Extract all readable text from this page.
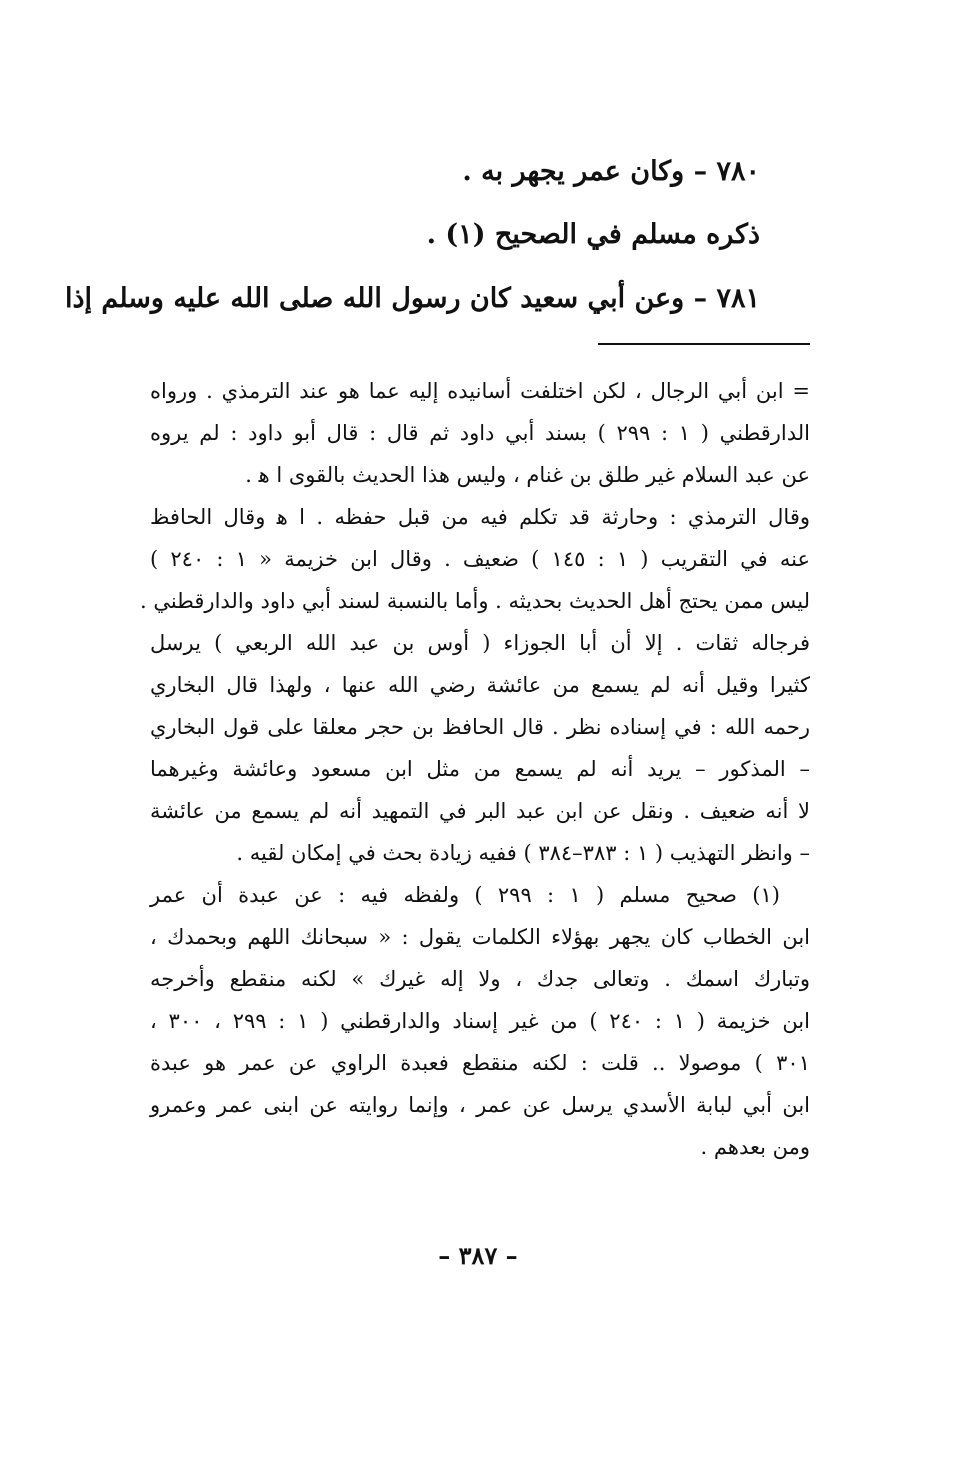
٧٨٠ – وكان عمر يجهر به .
ذكره مسلم في الصحيح (١) .
٧٨١ – وعن أبي سعيد كان رسول الله صلى الله عليه وسلم إذا
= ابن أبي الرجال ، لكن اختلفت أسانيده إليه عما هو عند الترمذي . ورواه
الدارقطني ( ١ : ٢٩٩ ) بسند أبي داود ثم قال : قال أبو داود : لم يروه
عن عبد السلام غير طلق بن غنام ، وليس هذا الحديث بالقوى ا ﻫ .
وقال الترمذي : وحارثة قد تكلم فيه من قبل حفظه . ا ﻫ وقال الحافظ
عنه في التقريب ( ١ : ١٤٥ ) ضعيف . وقال ابن خزيمة « ١ : ٢٤٠ )
ليس ممن يحتج أهل الحديث بحديثه . وأما بالنسبة لسند أبي داود والدارقطني .
فرجاله ثقات . إلا أن أبا الجوزاء ( أوس بن عبد الله الربعي ) يرسل
كثيرا وقيل أنه لم يسمع من عائشة رضي الله عنها ، ولهذا قال البخاري
رحمه الله : في إسناده نظر . قال الحافظ بن حجر معلقا على قول البخاري
– المذكور – يريد أنه لم يسمع من مثل ابن مسعود وعائشة وغيرهما
لا أنه ضعيف . ونقل عن ابن عبد البر في التمهيد أنه لم يسمع من عائشة
– وانظر التهذيب ( ١ : ٣٨٣–٣٨٤ ) ففيه زيادة بحث في إمكان لقيه .
(١) صحيح مسلم ( ١ : ٢٩٩ ) ولفظه فيه : عن عبدة أن عمر
ابن الخطاب كان يجهر بهؤلاء الكلمات يقول : « سبحانك اللهم وبحمدك ،
وتبارك اسمك . وتعالى جدك ، ولا إله غيرك » لكنه منقطع وأخرجه
ابن خزيمة ( ١ : ٢٤٠ ) من غير إسناد والدارقطني ( ١ : ٢٩٩ ، ٣٠٠ ،
٣٠١ ) موصولا .. قلت : لكنه منقطع فعبدة الراوي عن عمر هو عبدة
ابن أبي لبابة الأسدي يرسل عن عمر ، وإنما روايته عن ابنى عمر وعمرو
ومن بعدهم .
– ٣٨٧ –
